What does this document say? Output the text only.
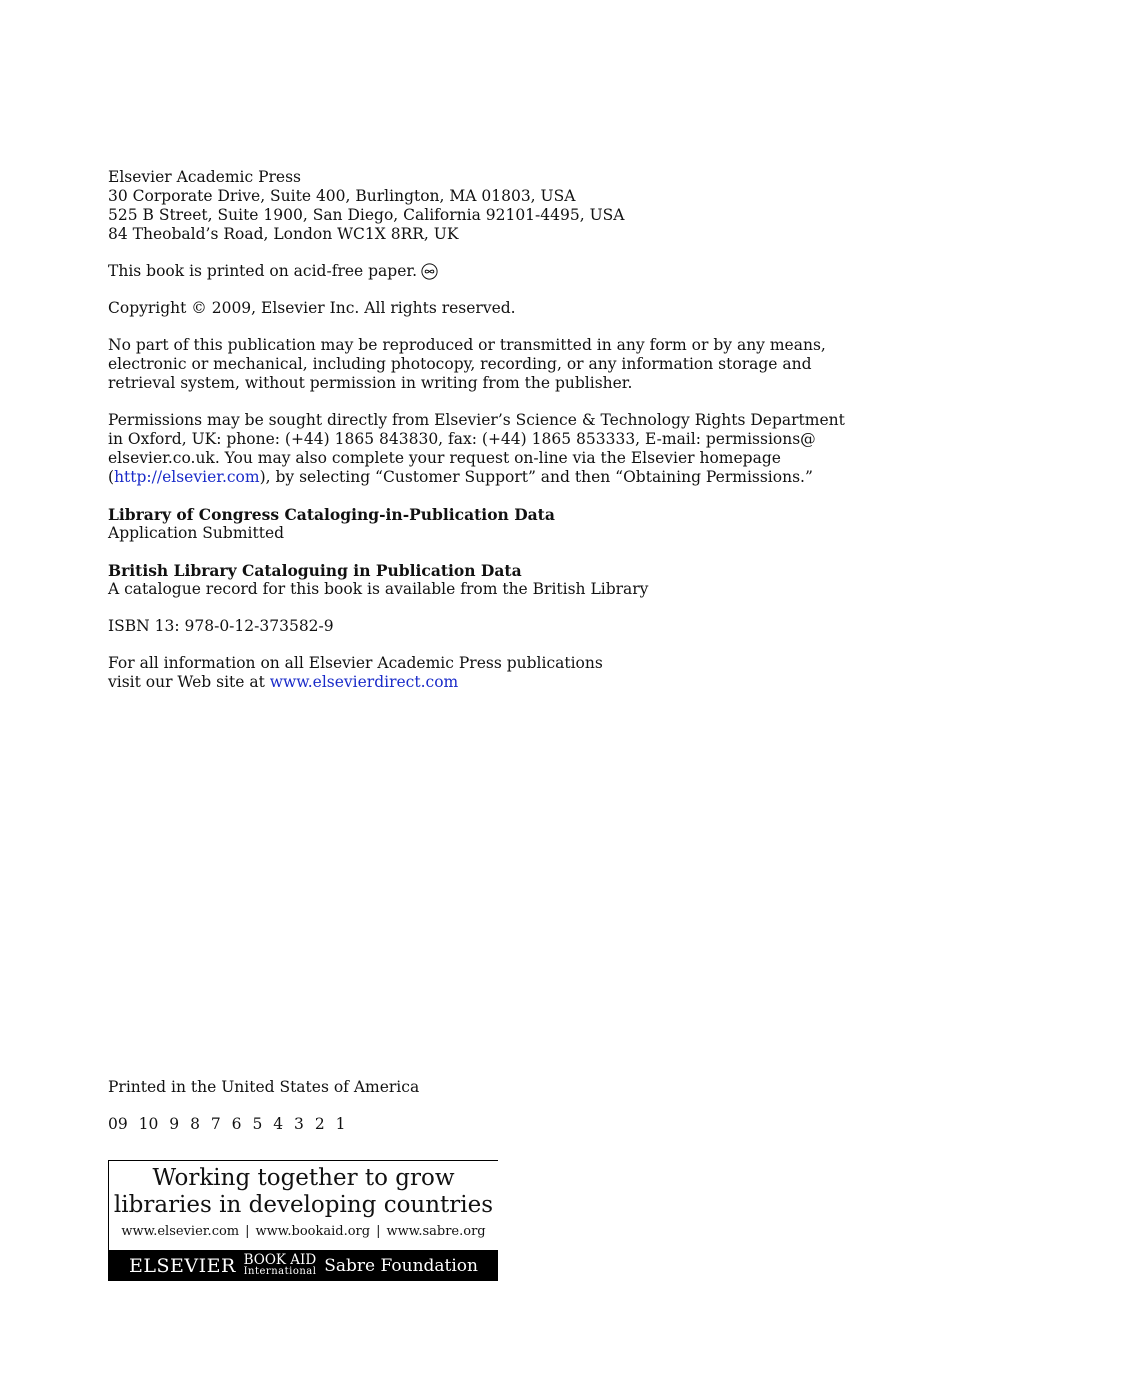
Elsevier Academic Press
30 Corporate Drive, Suite 400, Burlington, MA 01803, USA
525 B Street, Suite 1900, San Diego, California 92101-4495, USA
84 Theobald’s Road, London WC1X 8RR, UK
This book is printed on acid-free paper.
Copyright © 2009, Elsevier Inc. All rights reserved.
No part of this publication may be reproduced or transmitted in any form or by any means,
electronic or mechanical, including photocopy, recording, or any information storage and
retrieval system, without permission in writing from the publisher.
Permissions may be sought directly from Elsevier’s Science & Technology Rights Department
in Oxford, UK: phone: (+44) 1865 843830, fax: (+44) 1865 853333, E-mail: permissions@
elsevier.co.uk. You may also complete your request on-line via the Elsevier homepage
(http://elsevier.com), by selecting “Customer Support” and then “Obtaining Permissions.”
Library of Congress Cataloging-in-Publication Data
Application Submitted
British Library Cataloguing in Publication Data
A catalogue record for this book is available from the British Library
ISBN 13: 978-0-12-373582-9
For all information on all Elsevier Academic Press publications
visit our Web site at www.elsevierdirect.com
Printed in the United States of America
09 10 9 8 7 6 5 4 3 2 1
Working together to grow
libraries in developing countries
www.elsevier.com | www.bookaid.org | www.sabre.org
ELSEVIER BOOK AID
International Sabre Foundation
